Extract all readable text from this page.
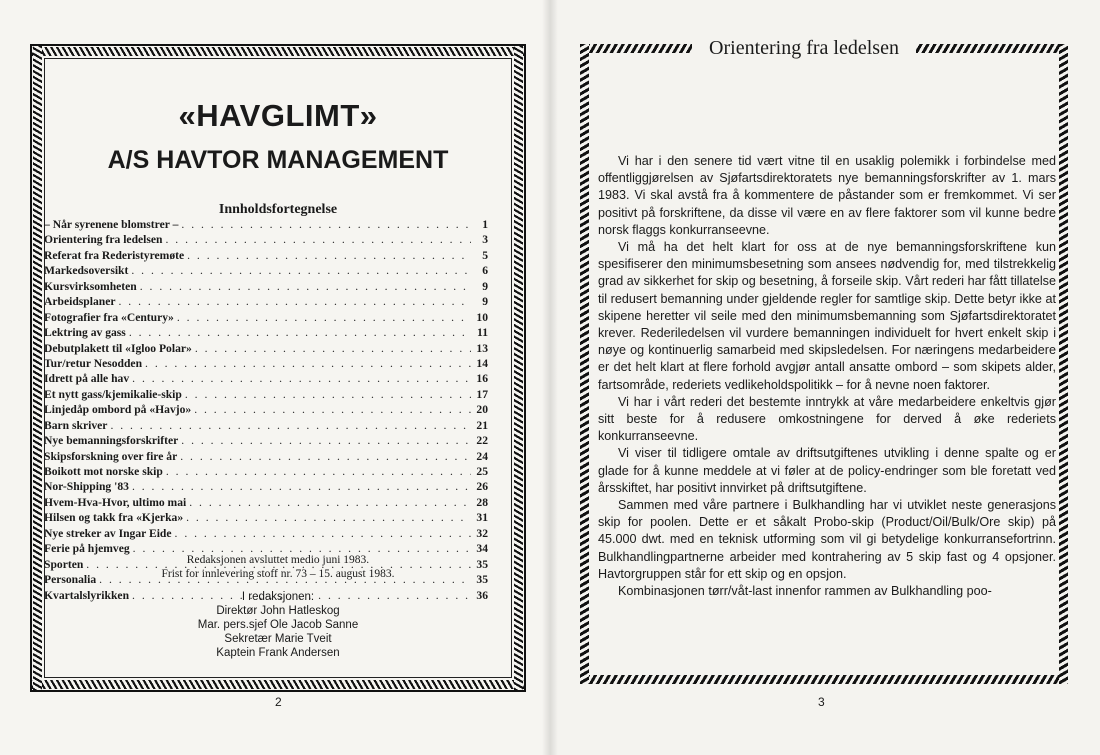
«HAVGLIMT»
A/S HAVTOR MANAGEMENT
Innholdsfortegnelse
– Når syrenene blomstrer – . . .	1
Orientering fra ledelsen . . .	3
Referat fra Rederistyremøte . . .	5
Markedsoversikt . . .	6
Kursvirksomheten . . .	9
Arbeidsplaner . . .	9
Fotografier fra «Century» . . .	10
Lektring av gass . . .	11
Debutplakett til «Igloo Polar» . . .	13
Tur/retur Nesodden . . .	14
Idrett på alle hav . . .	16
Et nytt gass/kjemikalie-skip . . .	17
Linjedåp ombord på «Havjo» . . .	20
Barn skriver . . .	21
Nye bemanningsforskrifter . . .	22
Skipsforskning over fire år . . .	24
Boikott mot norske skip . . .	25
Nor-Shipping '83 . . .	26
Hvem-Hva-Hvor, ultimo mai . . .	28
Hilsen og takk fra «Kjerka» . . .	31
Nye streker av Ingar Eide . . .	32
Ferie på hjemveg . . .	34
Sporten . . .	35
Personalia . . .	35
Kvartalslyrikken . . .	36
Redaksjonen avsluttet medio juni 1983.
Frist for innlevering stoff nr. 73 – 15. august 1983.
I redaksjonen:
Direktør John Hatleskog
Mar. pers.sjef Ole Jacob Sanne
Sekretær Marie Tveit
Kaptein Frank Andersen
2
Orientering fra ledelsen

Vi har i den senere tid vært vitne til en usaklig polemikk i forbindelse med offentliggjørelsen av Sjøfartsdirektoratets nye bemanningsforskrifter av 1. mars 1983. Vi skal avstå fra å kommentere de påstander som er fremkommet. Vi ser positivt på forskriftene, da disse vil være en av flere faktorer som vil kunne bedre norsk flaggs konkurranseevne.

Vi må ha det helt klart for oss at de nye bemanningsforskriftene kun spesifiserer den minimumsbesetning som ansees nødvendig for, med tilstrekkelig grad av sikkerhet for skip og besetning, å forseile skip. Vårt rederi har fått tillatelse til redusert bemanning under gjeldende regler for samtlige skip. Dette betyr ikke at skipene heretter vil seile med den minimumsbemanning som Sjøfartsdirektoratet krever. Rederiledelsen vil vurdere bemanningen individuelt for hvert enkelt skip i nøye og kontinuerlig samarbeid med skipsledelsen. For næringens medarbeidere er det helt klart at flere forhold avgjør antall ansatte ombord – som skipets alder, fartsområde, rederiets vedlikeholdspolitikk – for å nevne noen faktorer.

Vi har i vårt rederi det bestemte inntrykk at våre medarbeidere enkeltvis gjør sitt beste for å redusere omkostningene for derved å øke rederiets konkurranseevne.

Vi viser til tidligere omtale av driftsutgiftenes utvikling i denne spalte og er glade for å kunne meddele at vi føler at de policy-endringer som ble foretatt ved årsskiftet, har positivt innvirket på driftsutgiftene.

Sammen med våre partnere i Bulkhandling har vi utviklet neste generasjons skip for poolen. Dette er et såkalt Probo-skip (Product/Oil/Bulk/Ore skip) på 45.000 dwt. med en teknisk utforming som vil gi betydelige konkurransefortrinn. Bulkhandlingpartnerne arbeider med kontrahering av 5 skip fast og 4 opsjoner. Havtorgruppen står for ett skip og en opsjon.

Kombinasjonen tørr/våt-last innenfor rammen av Bulkhandling poo-

3
